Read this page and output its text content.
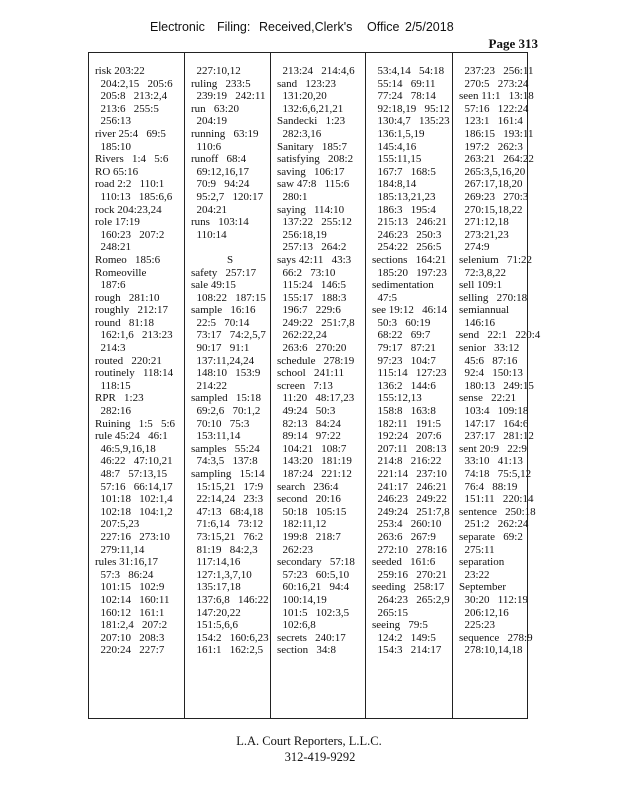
Electronic Filing: Received,Clerk's Office 2/5/2018
Page 313
risk 203:22
204:2,15   205:6
205:8   213:2,4
213:6   255:5
256:13
river 25:4   69:5
185:10
Rivers   1:4   5:6
RO 65:16
road 2:2   110:1
110:13   185:6,6
rock 204:23,24
role 17:19
160:23   207:2
248:21
Romeo   185:6
Romeoville
187:6
rough   281:10
roughly   212:17
round   81:18
162:1,6   213:23
214:3
routed   220:21
routinely   118:14
118:15
RPR   1:23
282:16
Ruining   1:5   5:6
rule 45:24   46:1
46:5,9,16,18
46:22   47:10,21
48:7   57:13,15
57:16   66:14,17
101:18   102:1,4
102:18   104:1,2
207:5,23
227:16   273:10
279:11,14
rules 31:16,17
57:3   86:24
101:15   102:9
102:14   160:11
160:12   161:1
181:2,4   207:2
207:10   208:3
220:24   227:7
227:10,12
ruling   233:5
239:19   242:11
run   63:20
204:19
running   63:19
110:6
runoff   68:4
69:12,16,17
70:9   94:24
95:2,7   120:17
204:21
runs   103:14
110:14
S
safety   257:17
sale 49:15
108:22   187:15
sample   16:16
22:5   70:14
73:17   74:2,5,7
90:17   91:1
137:11,24,24
148:10   153:9
214:22
sampled   15:18
69:2,6   70:1,2
70:10   75:3
153:11,14
samples   55:24
74:3,5   137:8
sampling   15:14
15:15,21   17:9
22:14,24   23:3
47:13   68:4,18
71:6,14   73:12
73:15,21   76:2
81:19   84:2,3
117:14,16
127:1,3,7,10
135:17,18
137:6,8   146:22
147:20,22
151:5,6,6
154:2   160:6,23
161:1   162:2,5
213:24   214:4,6
sand   123:23
131:20,20
132:6,6,21,21
Sandecki   1:23
282:3,16
Sanitary   185:7
satisfying   208:2
saving   106:17
saw 47:8   115:6
280:1
saying   114:10
137:22   255:12
256:18,19
257:13   264:2
says 42:11   43:3
66:2   73:10
115:24   146:5
155:17   188:3
196:7   229:6
249:22   251:7,8
262:22,24
263:6   270:20
schedule   278:19
school   241:11
screen   7:13
11:20   48:17,23
49:24   50:3
82:13   84:24
89:14   97:22
104:21   108:7
143:20   181:19
187:24   221:12
search   236:4
second   20:16
50:18   105:15
182:11,12
199:8   218:7
262:23
secondary   57:18
57:23   60:5,10
60:16,21   94:4
100:14,19
101:5   102:3,5
102:6,8
secrets   240:17
section   34:8
53:4,14   54:18
55:14   69:11
77:24   78:14
92:18,19   95:12
130:4,7   135:23
136:1,5,19
145:4,16
155:11,15
167:7   168:5
184:8,14
185:13,21,23
186:3   195:4
215:13   246:21
246:23   250:3
254:22   256:5
sections   164:21
185:20   197:23
sedimentation
47:5
see 19:12   46:14
50:3   60:19
68:22   69:7
79:17   87:21
97:23   104:7
115:14   127:23
136:2   144:6
155:12,13
158:8   163:8
182:11   191:5
192:24   207:6
207:11   208:13
214:8   216:22
221:14   237:10
241:17   246:21
246:23   249:22
249:24   251:7,8
253:4   260:10
263:6   267:9
272:10   278:16
seeded   161:6
259:16   270:21
seeding   258:17
264:23   265:2,9
265:15
seeing   79:5
124:2   149:5
154:3   214:17
237:23   256:11
270:5   273:24
seen 11:1   13:18
57:16   122:24
123:1   161:4
186:15   193:11
197:2   262:3
263:21   264:22
265:3,5,16,20
267:17,18,20
269:23   270:3
270:15,18,22
271:12,18
273:21,23
274:9
selenium   71:22
72:3,8,22
sell 109:1
selling   270:18
semiannual
146:16
send   22:1   220:4
senior   33:12
45:6   87:16
92:4   150:13
180:13   249:15
sense   22:21
103:4   109:18
147:17   164:6
237:17   281:12
sent 20:9   22:9
33:10   41:13
74:18   75:5,12
76:4   88:19
151:11   220:14
sentence   250:18
251:2   262:24
separate   69:2
275:11
separation
23:22
September
30:20   112:19
206:12,16
225:23
sequence   278:9
278:10,14,18
L.A. Court Reporters, L.L.C.
312-419-9292
